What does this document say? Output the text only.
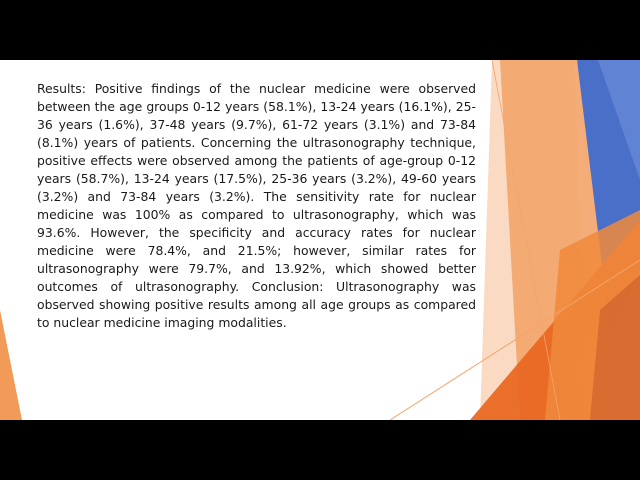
Results: Positive findings of the nuclear medicine were observed between the age groups 0-12 years (58.1%), 13-24 years (16.1%), 25-36 years (1.6%), 37-48 years (9.7%), 61-72 years (3.1%) and 73-84 (8.1%) years of patients. Concerning the ultrasonography technique, positive effects were observed among the patients of age-group 0-12 years (58.7%), 13-24 years (17.5%), 25-36 years (3.2%), 49-60 years (3.2%) and 73-84 years (3.2%). The sensitivity rate for nuclear medicine was 100% as compared to ultrasonography, which was 93.6%. However, the specificity and accuracy rates for nuclear medicine were 78.4%, and 21.5%; however, similar rates for ultrasonography were 79.7%, and 13.92%, which showed better outcomes of ultrasonography. Conclusion: Ultrasonography was observed showing positive results among all age groups as compared to nuclear medicine imaging modalities.
